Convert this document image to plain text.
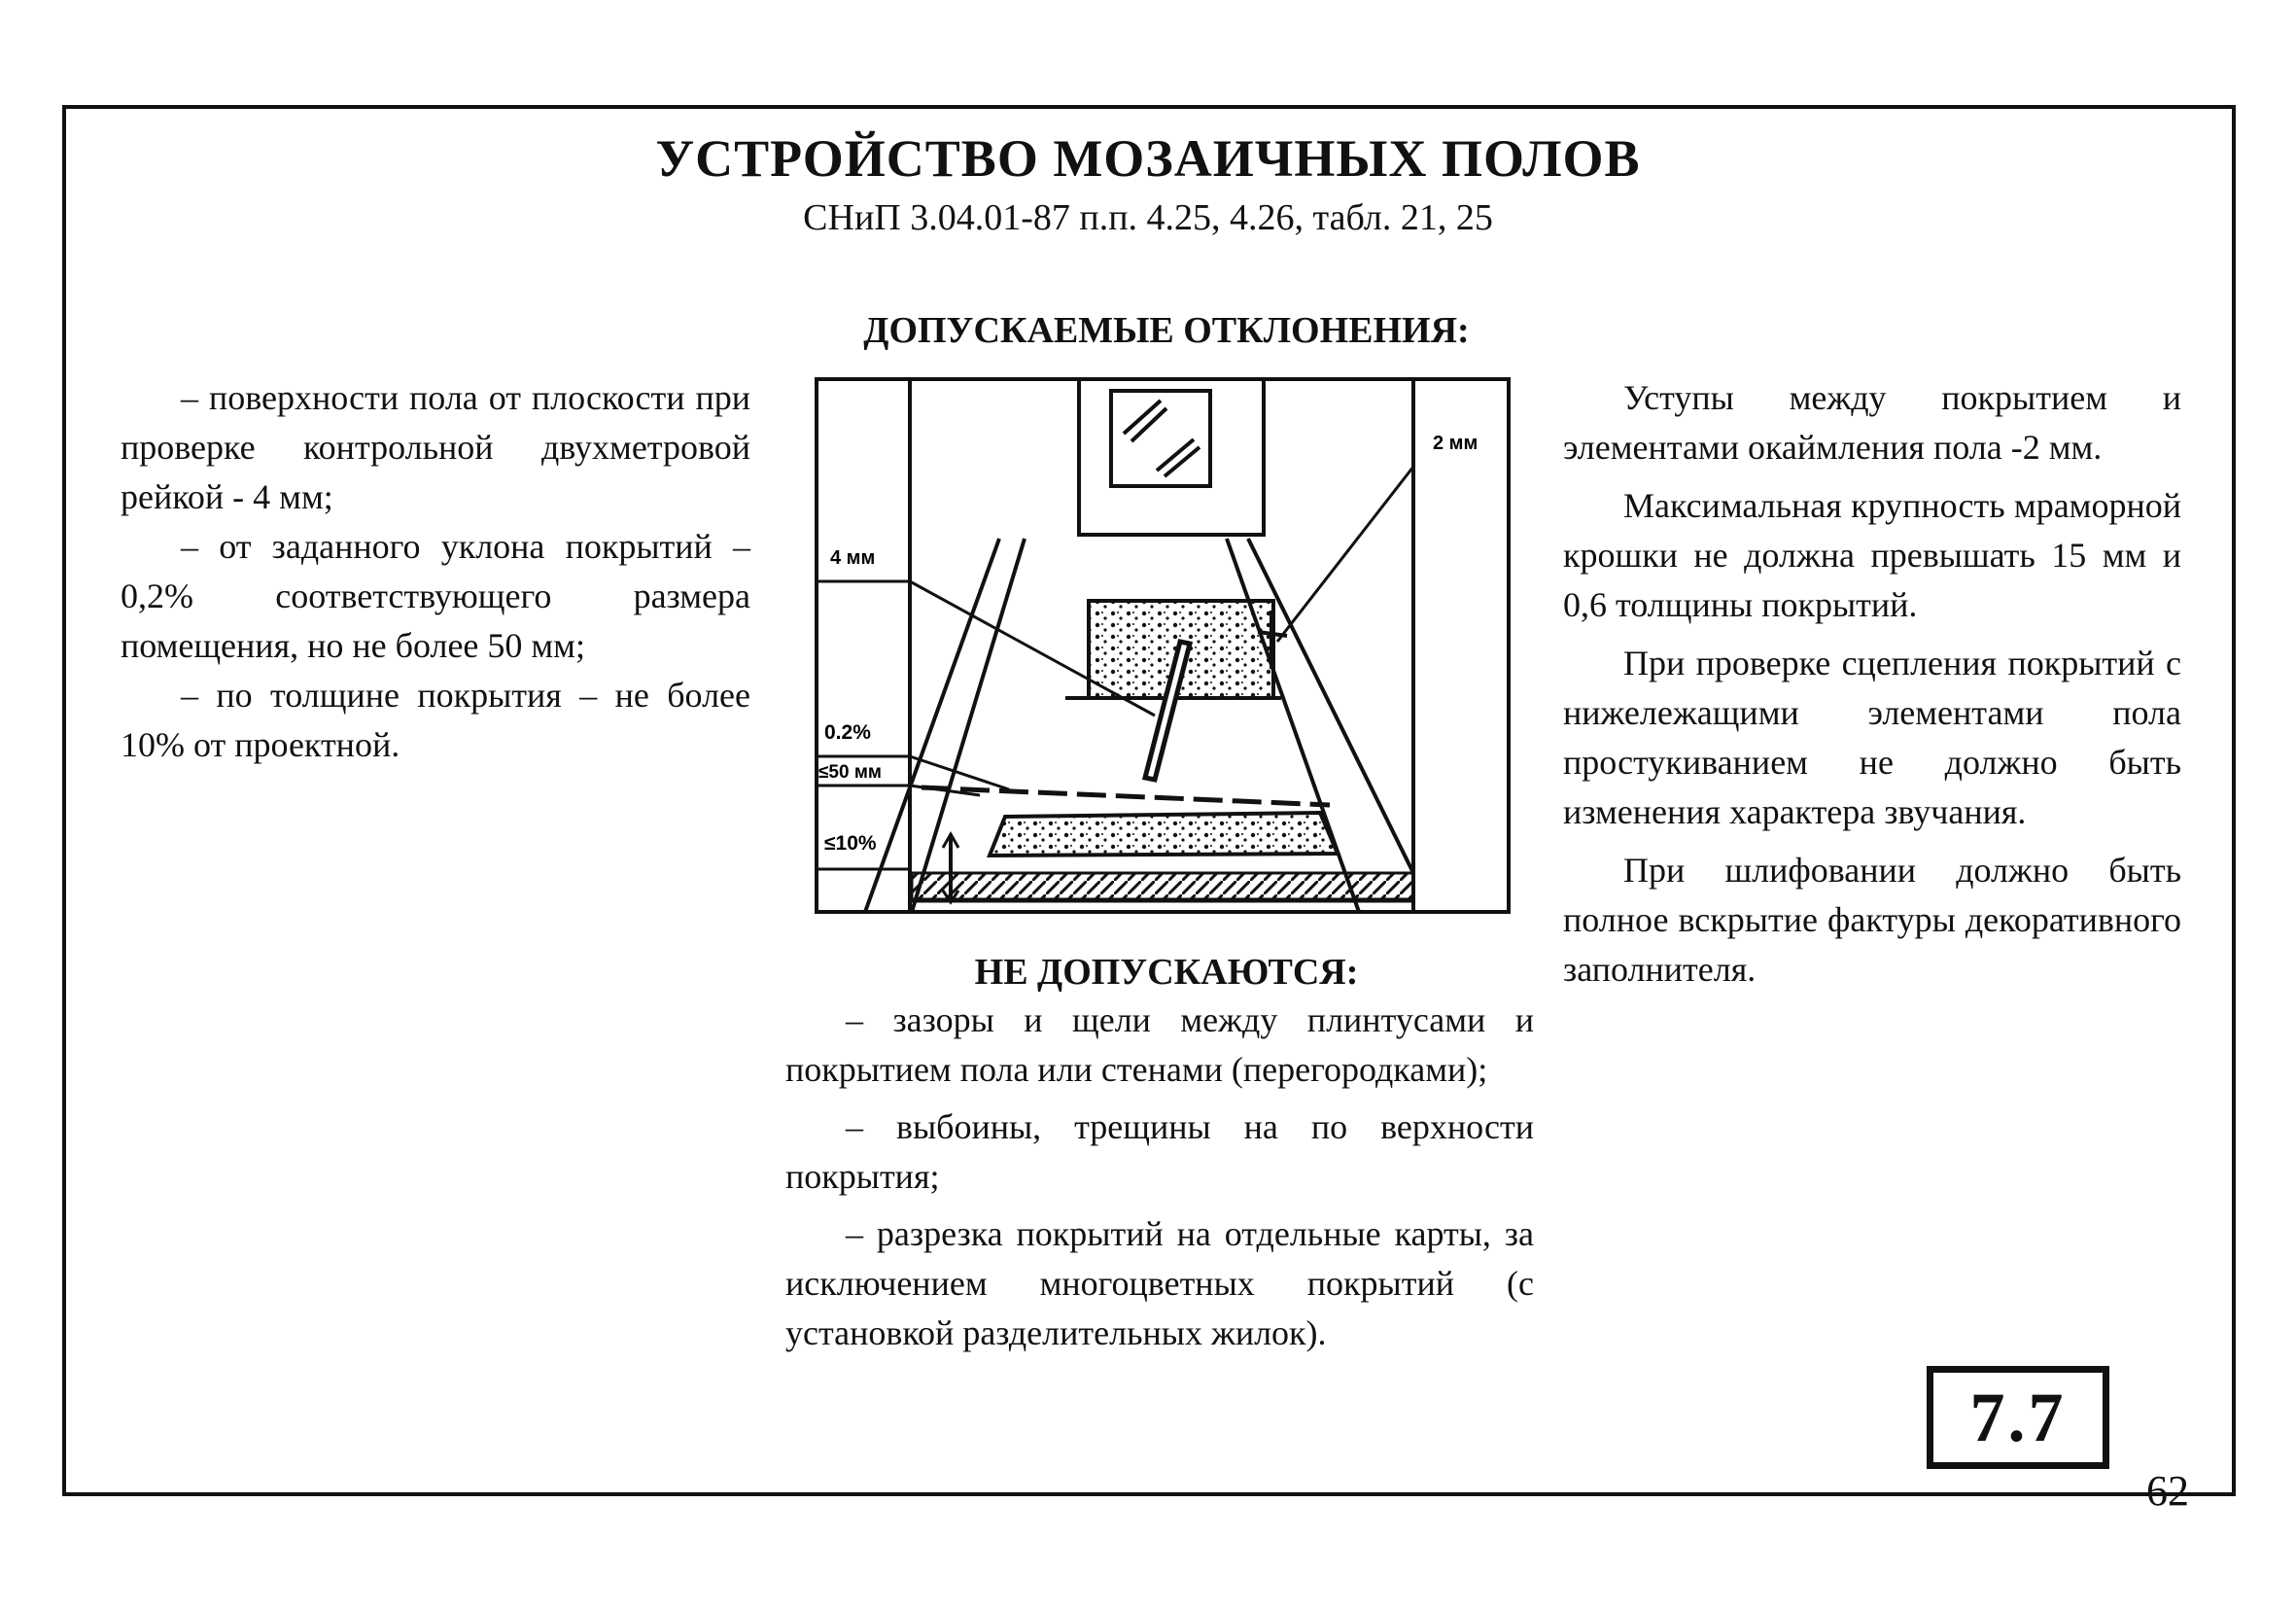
УСТРОЙСТВО МОЗАИЧНЫХ ПОЛОВ
СНиП 3.04.01-87 п.п. 4.25, 4.26, табл. 21, 25
ДОПУСКАЕМЫЕ ОТКЛОНЕНИЯ:

– поверхности пола от плоскости при проверке контрольной двухметровой рейкой - 4 мм;

– от заданного уклона покрытий – 0,2% соответствующего размера помещения, но не более 50 мм;

– по толщине покрытия – не более 10% от проектной.

2 мм
4 мм
0.2%
≤50 мм
≤10%

Уступы между покрытием и элементами окаймления пола -2 мм.

Максимальная крупность мраморной крошки не должна превышать 15 мм и 0,6 толщины покрытий.

При проверке сцепления покрытий с нижележащими элементами пола простукиванием не должно быть изменения характера звучания.

При шлифовании должно быть полное вскрытие фактуры декоративного заполнителя.

НЕ ДОПУСКАЮТСЯ:

– зазоры и щели между плинтусами и покрытием пола или стенами (перегородками);

– выбоины, трещины на по верхности покрытия;

– разрезка покрытий на отдельные карты, за исключением многоцветных покрытий (с установкой разделительных жилок).

7.7
62
